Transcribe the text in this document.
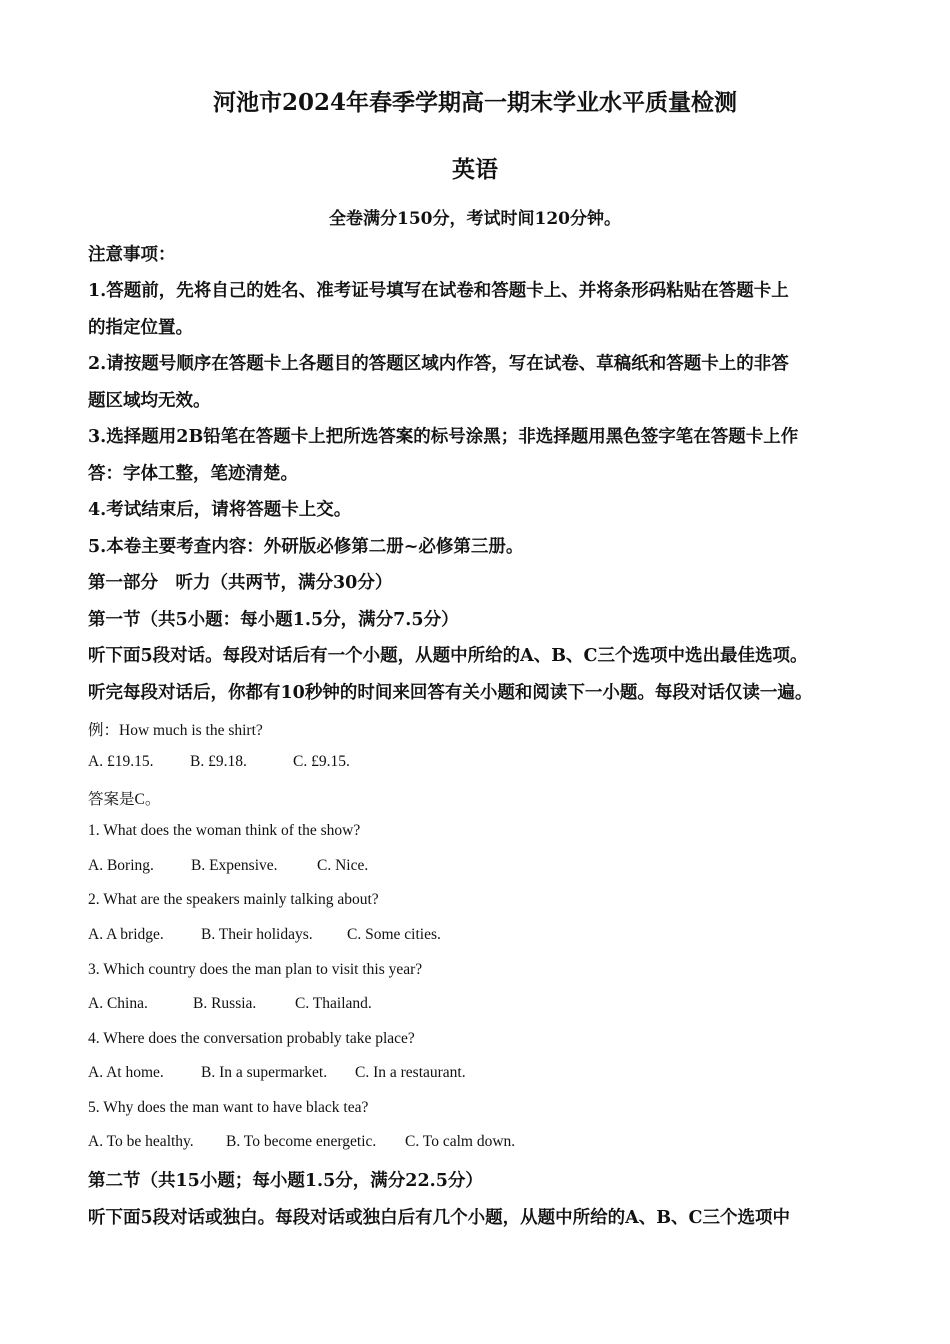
河池市2024年春季学期高一期末学业水平质量检测
英语
全卷满分150分，考试时间120分钟。
注意事项：
1.答题前，先将自己的姓名、准考证号填写在试卷和答题卡上、并将条形码粘贴在答题卡上
的指定位置。
2.请按题号顺序在答题卡上各题目的答题区域内作答，写在试卷、草稿纸和答题卡上的非答
题区域均无效。
3.选择题用2B铅笔在答题卡上把所选答案的标号涂黑；非选择题用黑色签字笔在答题卡上作
答：字体工整，笔迹清楚。
4.考试结束后，请将答题卡上交。
5.本卷主要考查内容：外研版必修第二册~必修第三册。
第一部分　听力（共两节，满分30分）
第一节（共5小题：每小题1.5分，满分7.5分）
听下面5段对话。每段对话后有一个小题，从题中所给的A、B、C三个选项中选出最佳选项。
听完每段对话后，你都有10秒钟的时间来回答有关小题和阅读下一小题。每段对话仅读一遍。
例：How much is the shirt?
A. £19.15. B. £9.18.	C. £9.15.
答案是C。
1. What does the woman think of the show?
A. Boring. B. Expensive.	C. Nice.
2. What are the speakers mainly talking about?
A. A bridge. B. Their holidays. C. Some cities.
3. Which country does the man plan to visit this year?
A. China.	B. Russia. C. Thailand.
4. Where does the conversation probably take place?
A. At home. B. In a supermarket. C. In a restaurant.
5. Why does the man want to have black tea?
A. To be healthy. B. To become energetic. C. To calm down.
第二节（共15小题；每小题1.5分，满分22.5分）
听下面5段对话或独白。每段对话或独白后有几个小题，从题中所给的A、B、C三个选项中
